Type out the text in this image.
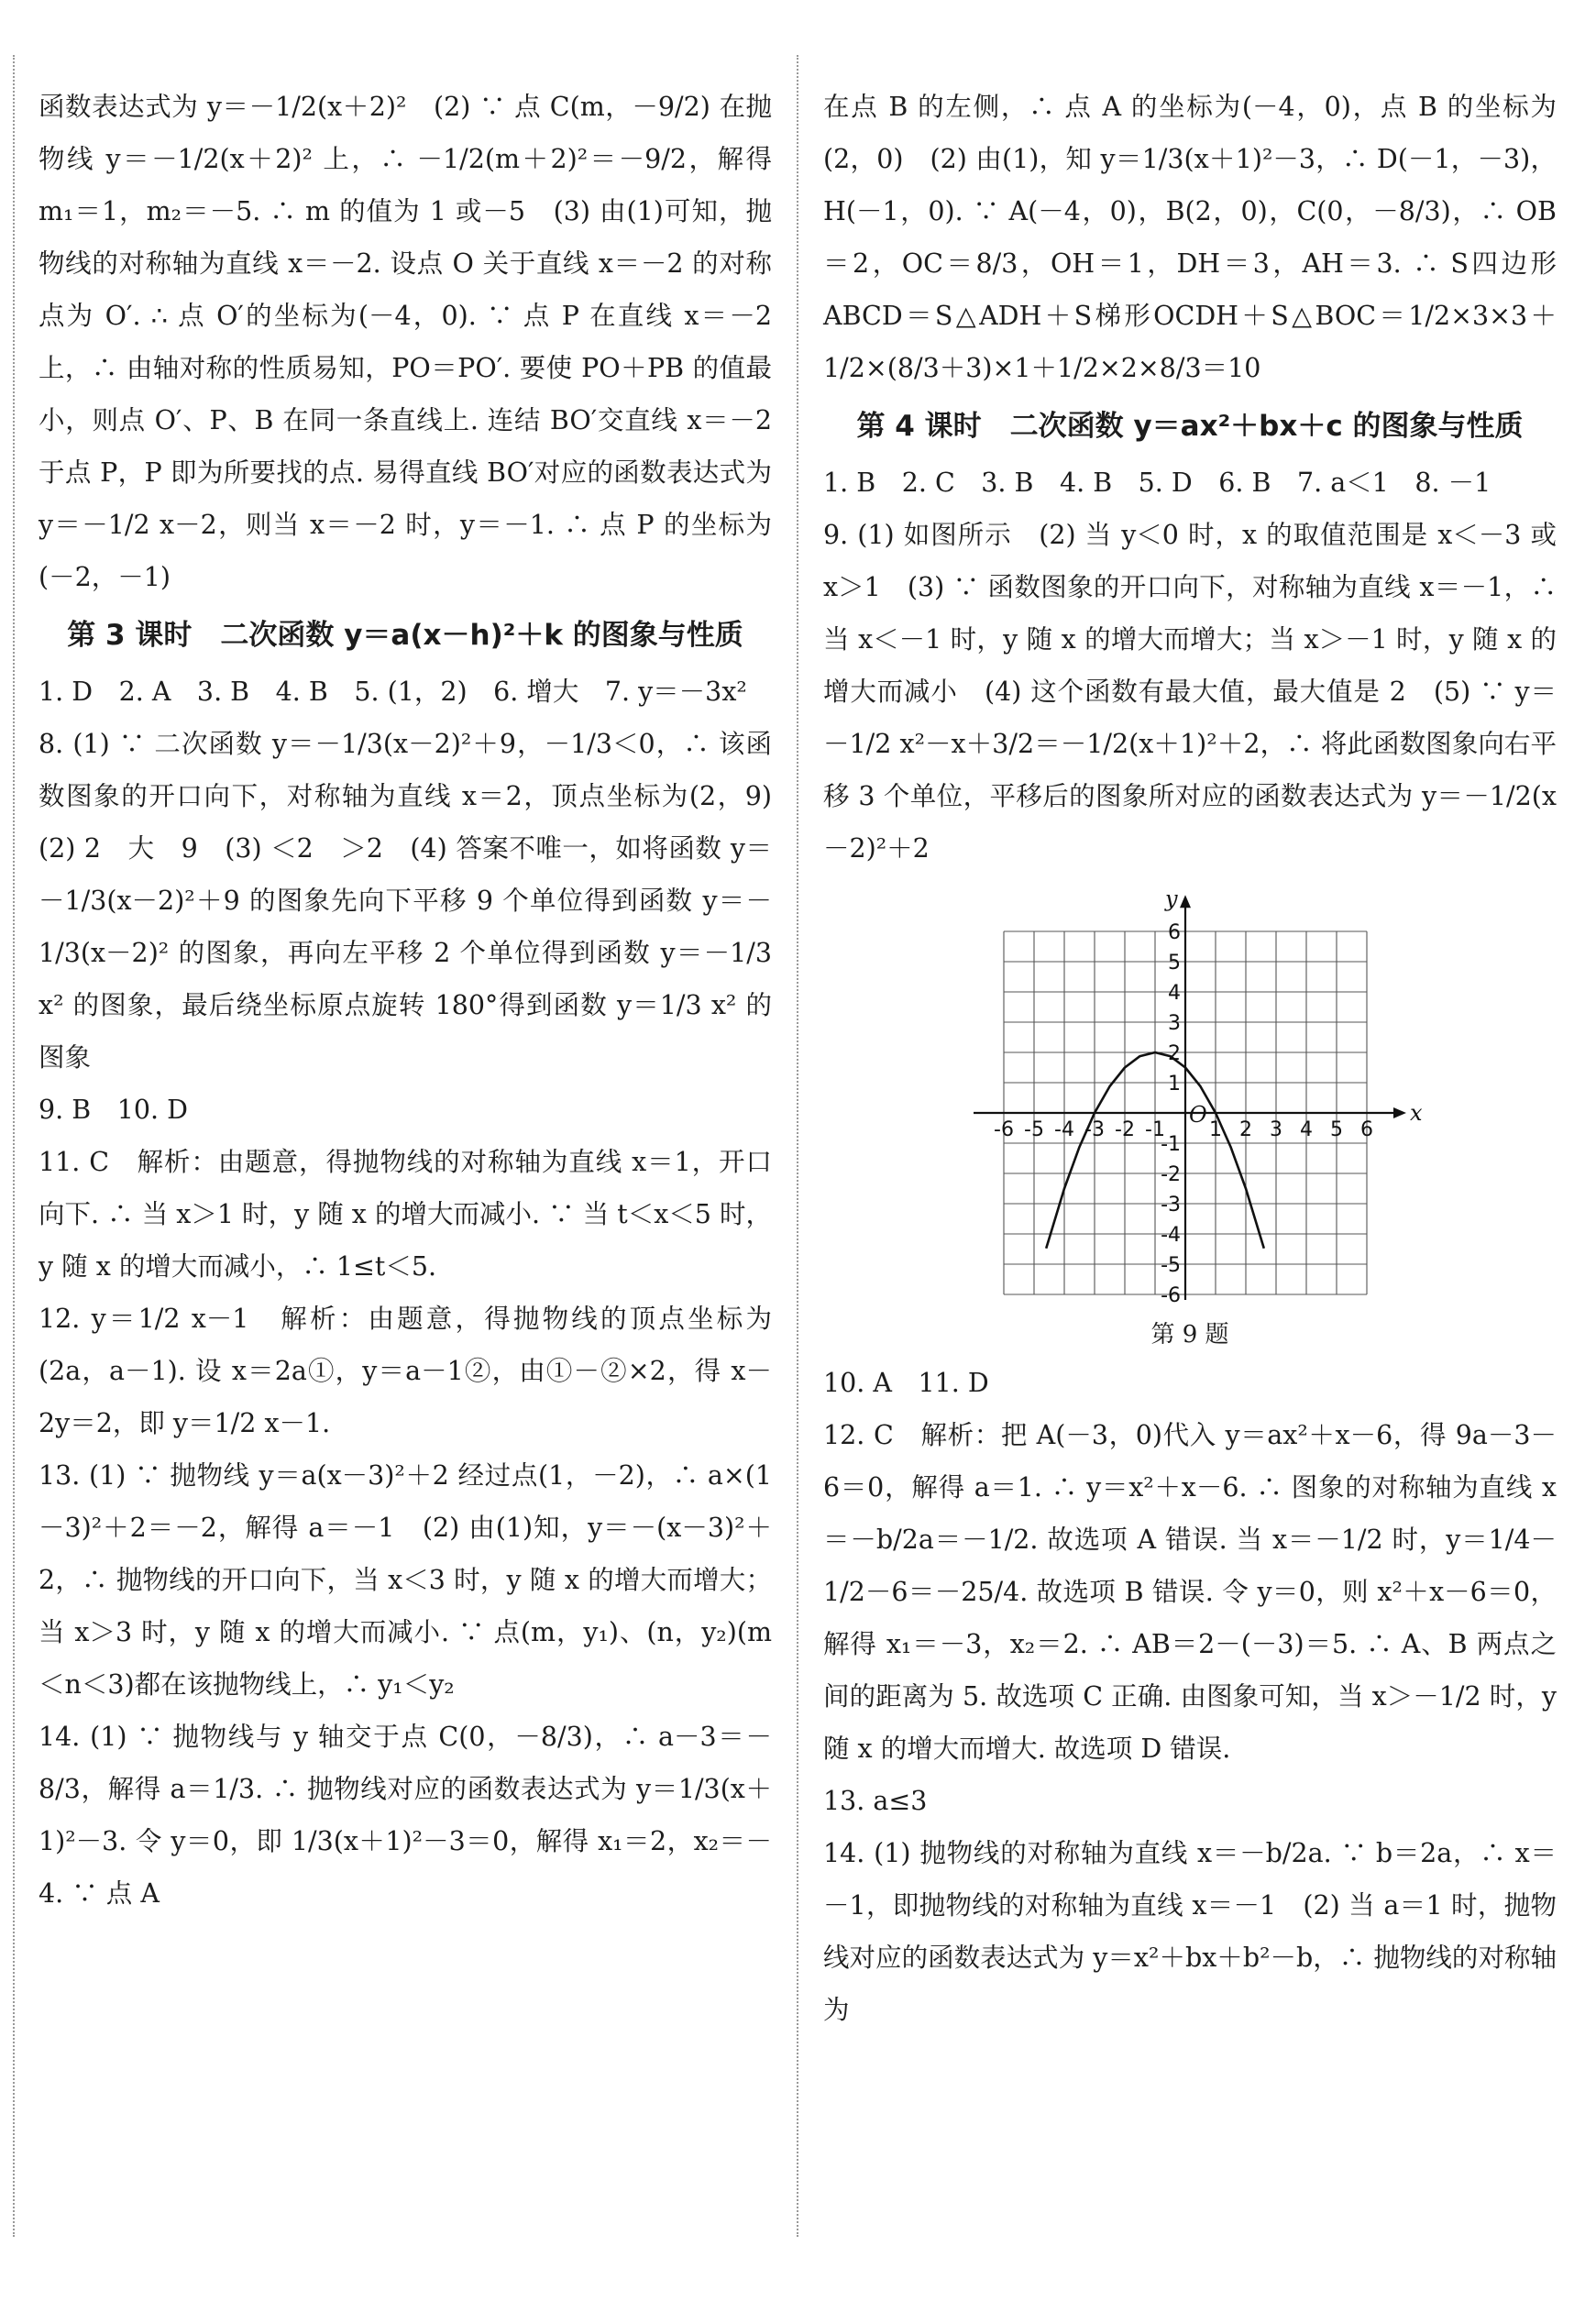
函数表达式为 y＝－1/2(x＋2)²　(2) ∵ 点 C(m，－9/2) 在抛物线 y＝－1/2(x＋2)² 上，∴ －1/2(m＋2)²＝－9/2，解得 m₁＝1，m₂＝－5. ∴ m 的值为 1 或－5　(3) 由(1)可知，抛物线的对称轴为直线 x＝－2. 设点 O 关于直线 x＝－2 的对称点为 O′. ∴ 点 O′的坐标为(－4，0). ∵ 点 P 在直线 x＝－2 上，∴ 由轴对称的性质易知，PO＝PO′. 要使 PO＋PB 的值最小，则点 O′、P、B 在同一条直线上. 连结 BO′交直线 x＝－2 于点 P，P 即为所要找的点. 易得直线 BO′对应的函数表达式为 y＝－1/2 x－2，则当 x＝－2 时，y＝－1. ∴ 点 P 的坐标为(－2，－1)

第 3 课时　二次函数 y＝a(x－h)²＋k 的图象与性质

1. D　2. A　3. B　4. B　5. (1，2)　6. 增大　7. y＝－3x²

8. (1) ∵ 二次函数 y＝－1/3(x－2)²＋9，－1/3＜0，∴ 该函数图象的开口向下，对称轴为直线 x＝2，顶点坐标为(2，9)　(2) 2　大　9　(3) ＜2　＞2　(4) 答案不唯一，如将函数 y＝－1/3(x－2)²＋9 的图象先向下平移 9 个单位得到函数 y＝－1/3(x－2)² 的图象，再向左平移 2 个单位得到函数 y＝－1/3 x² 的图象，最后绕坐标原点旋转 180°得到函数 y＝1/3 x² 的图象

9. B　10. D

11. C　解析：由题意，得抛物线的对称轴为直线 x＝1，开口向下. ∴ 当 x＞1 时，y 随 x 的增大而减小. ∵ 当 t＜x＜5 时，y 随 x 的增大而减小，∴ 1≤t＜5.

12. y＝1/2 x－1　解析：由题意，得抛物线的顶点坐标为(2a，a－1). 设 x＝2a①，y＝a－1②，由①－②×2，得 x－2y＝2，即 y＝1/2 x－1.

13. (1) ∵ 抛物线 y＝a(x－3)²＋2 经过点(1，－2)，∴ a×(1－3)²＋2＝－2，解得 a＝－1　(2) 由(1)知，y＝－(x－3)²＋2，∴ 抛物线的开口向下，当 x＜3 时，y 随 x 的增大而增大；当 x＞3 时，y 随 x 的增大而减小. ∵ 点(m，y₁)、(n，y₂)(m＜n＜3)都在该抛物线上，∴ y₁＜y₂

14. (1) ∵ 抛物线与 y 轴交于点 C(0，－8/3)，∴ a－3＝－8/3，解得 a＝1/3. ∴ 抛物线对应的函数表达式为 y＝1/3(x＋1)²－3. 令 y＝0，即 1/3(x＋1)²－3＝0，解得 x₁＝2，x₂＝－4. ∵ 点 A

在点 B 的左侧，∴ 点 A 的坐标为(－4，0)，点 B 的坐标为(2，0)　(2) 由(1)，知 y＝1/3(x＋1)²－3，∴ D(－1，－3)，H(－1，0). ∵ A(－4，0)，B(2，0)，C(0，－8/3)，∴ OB＝2，OC＝8/3，OH＝1，DH＝3，AH＝3. ∴ S四边形ABCD＝S△ADH＋S梯形OCDH＋S△BOC＝1/2×3×3＋1/2×(8/3＋3)×1＋1/2×2×8/3＝10

第 4 课时　二次函数 y＝ax²＋bx＋c 的图象与性质

1. B　2. C　3. B　4. B　5. D　6. B　7. a＜1　8. －1

9. (1) 如图所示　(2) 当 y＜0 时，x 的取值范围是 x＜－3 或 x＞1　(3) ∵ 函数图象的开口向下，对称轴为直线 x＝－1，∴ 当 x＜－1 时，y 随 x 的增大而增大；当 x＞－1 时，y 随 x 的增大而减小　(4) 这个函数有最大值，最大值是 2　(5) ∵ y＝－1/2 x²－x＋3/2＝－1/2(x＋1)²＋2，∴ 将此函数图象向右平移 3 个单位，平移后的图象所对应的函数表达式为 y＝－1/2(x－2)²＋2

x
y
O
-6 -5 -4 -3 -2 -1 1 2 3 4 5 6
6
5
4
3
2
1
-1
-2
-3
-4
-5
-6
第 9 题

10. A　11. D

12. C　解析：把 A(－3，0)代入 y＝ax²＋x－6，得 9a－3－6＝0，解得 a＝1. ∴ y＝x²＋x－6. ∴ 图象的对称轴为直线 x＝－b/2a＝－1/2. 故选项 A 错误. 当 x＝－1/2 时，y＝1/4－1/2－6＝－25/4. 故选项 B 错误. 令 y＝0，则 x²＋x－6＝0，解得 x₁＝－3，x₂＝2. ∴ AB＝2－(－3)＝5. ∴ A、B 两点之间的距离为 5. 故选项 C 正确. 由图象可知，当 x＞－1/2 时，y 随 x 的增大而增大. 故选项 D 错误.

13. a≤3

14. (1) 抛物线的对称轴为直线 x＝－b/2a. ∵ b＝2a，∴ x＝－1，即抛物线的对称轴为直线 x＝－1　(2) 当 a＝1 时，抛物线对应的函数表达式为 y＝x²＋bx＋b²－b，∴ 抛物线的对称轴为
